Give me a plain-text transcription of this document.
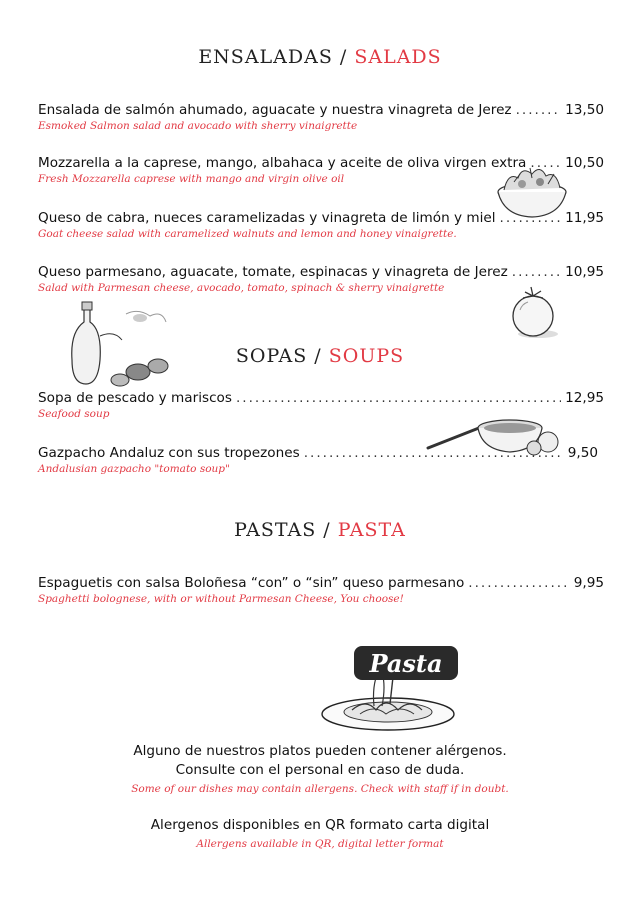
ENSALADAS / SALADS
Ensalada de salmón ahumado, aguacate y nuestra vinagreta de Jerez .....	13,50
Esmoked Salmon salad and avocado with sherry vinaigrette
Mozzarella a la caprese, mango, albahaca y aceite de oliva virgen extra .....	10,50
Fresh Mozzarella caprese with mango and virgin olive oil
Queso de cabra, nueces caramelizadas y vinagreta de limón y miel .....	11,95
Goat cheese salad with caramelized walnuts and lemon and honey vinaigrette.
Queso parmesano, aguacate, tomate, espinacas y vinagreta de Jerez .....	10,95
Salad with Parmesan cheese, avocado, tomato, spinach & sherry vinaigrette
SOPAS / SOUPS
Sopa de pescado y mariscos .....	12,95
Seafood soup
Gazpacho Andaluz con sus tropezones .....	9,50
Andalusian gazpacho "tomato soup"
PASTAS / PASTA
Espaguetis con salsa Boloñesa “con” o “sin” queso parmesano .....	9,95
Spaghetti bolognese, with or without Parmesan Cheese, You choose!
Pasta
Alguno de nuestros platos pueden contener alérgenos.
Consulte con el personal en caso de duda.
Some of our dishes may contain allergens. Check with staff if in doubt.
Alergenos disponibles en QR formato carta digital
Allergens available in QR, digital letter format
